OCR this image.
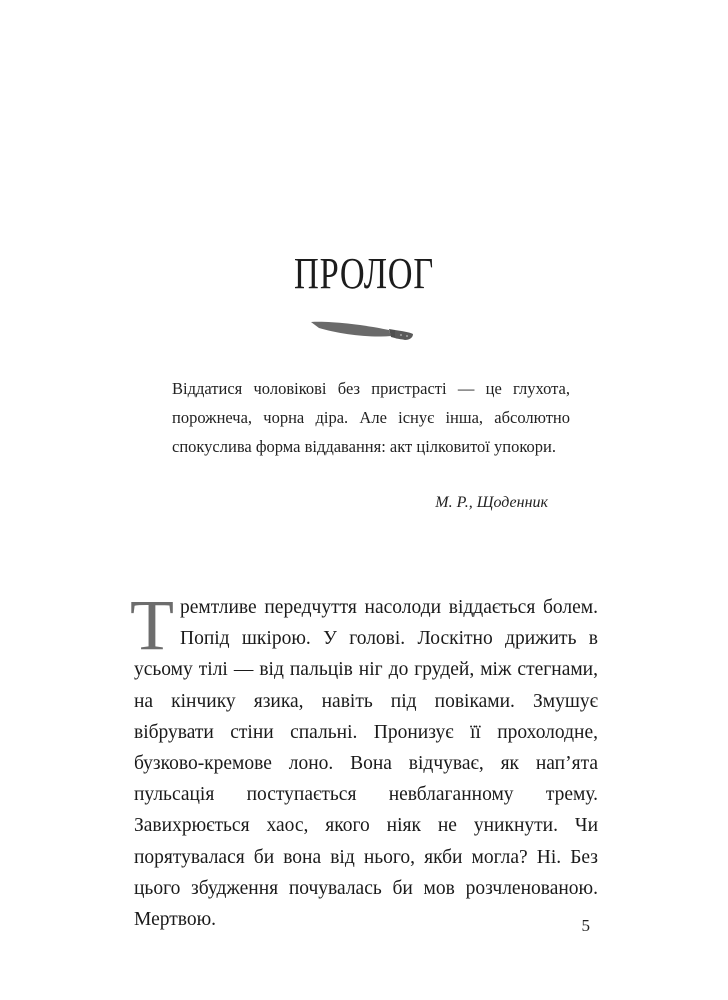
ПРОЛОГ

Віддатися чоловікові без пристрасті — це глухота, порожнеча, чорна діра. Але існує інша, абсолютно спокуслива форма віддавання: акт цілковитої упокори.

М. Р., Щоденник

Тремтливе передчуття насолоди віддається болем. Попід шкірою. У голові. Лоскітно дрижить в усьому тілі — від пальців ніг до грудей, між стегнами, на кінчику язика, навіть під повіками. Змушує вібрувати стіни спальні. Пронизує її прохолодне, бузково-кремове лоно. Вона відчуває, як нап’ята пульсація поступається невблаганному трему. Завихрюється хаос, якого ніяк не уникнути. Чи порятувалася би вона від нього, якби могла? Ні. Без цього збудження почувалась би мов розчленованою. Мертвою.	5
